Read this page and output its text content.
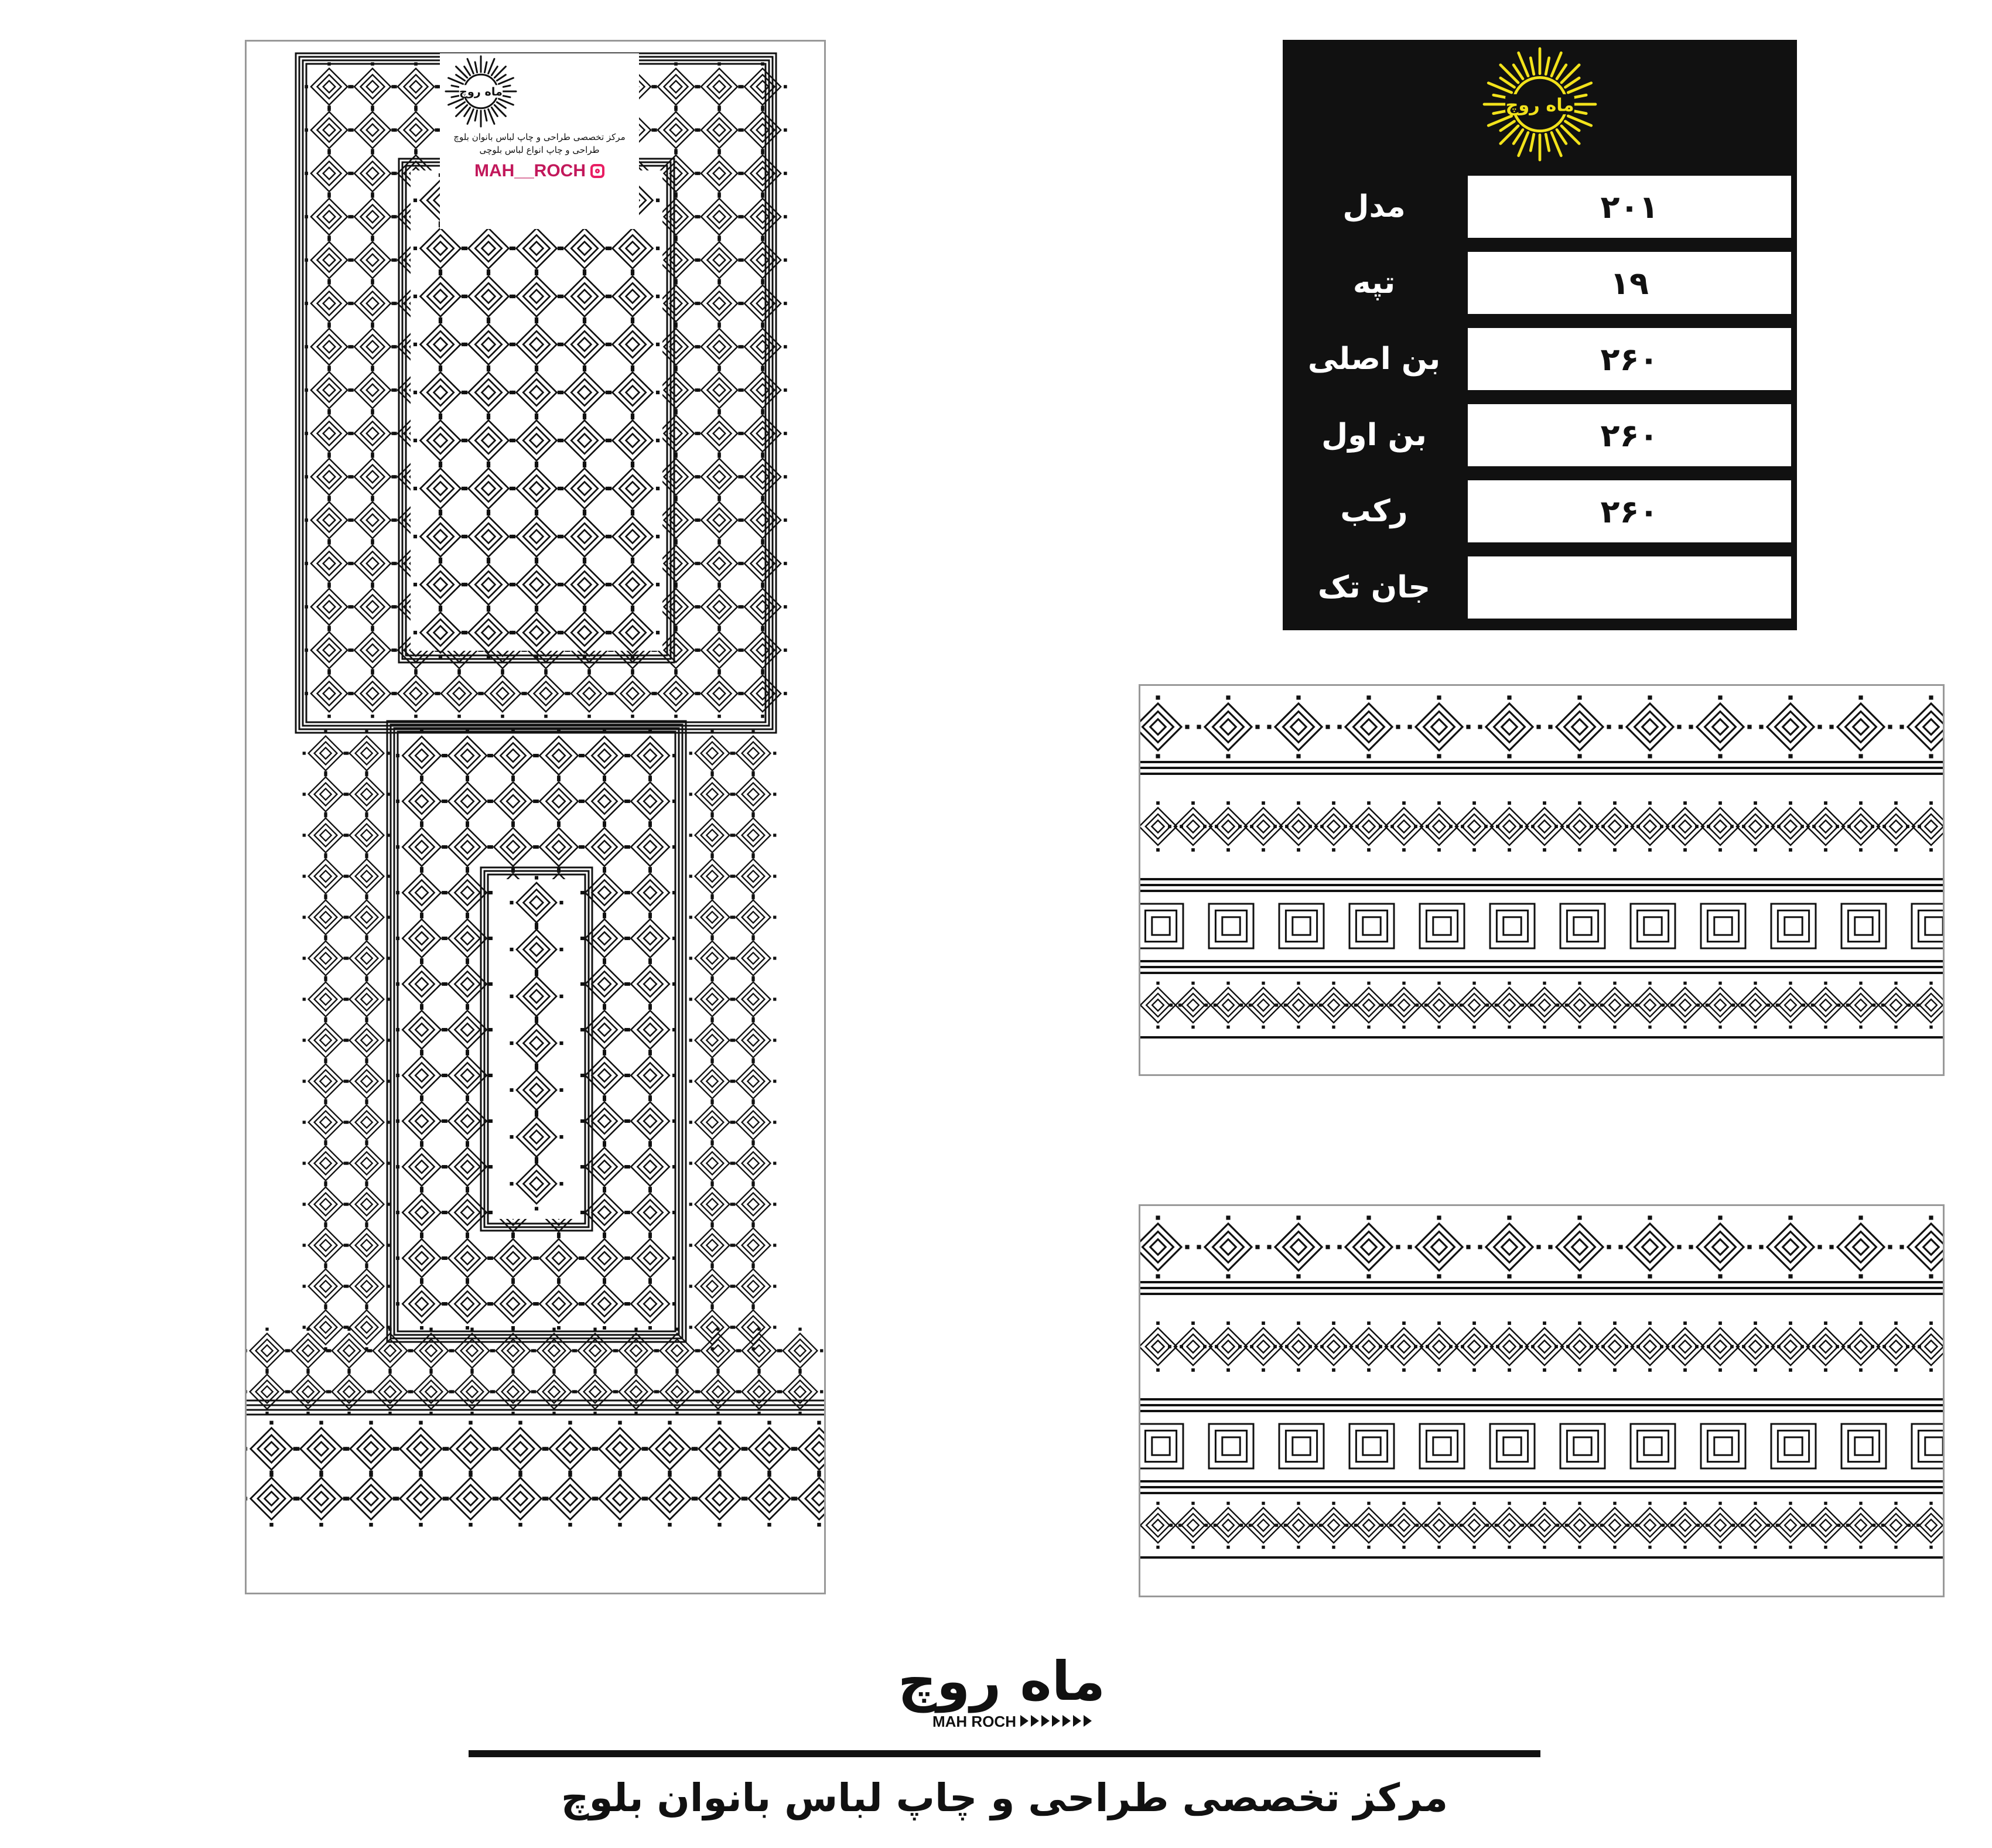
ماه روچ
مرکز تخصصی طراحی و چاپ لباس بانوان بلوچ
طراحی و چاپ انواع لباس بلوچی
MAH__ROCH
ماه روچ
مدل	۲۰۱
تپه	۱۹
بن اصلی	۲۶۰
بن اول	۲۶۰
رکب	۲۶۰
جان تک
ماه روچ
MAH ROCH
مرکز تخصصی طراحی و چاپ لباس بانوان بلوچ
